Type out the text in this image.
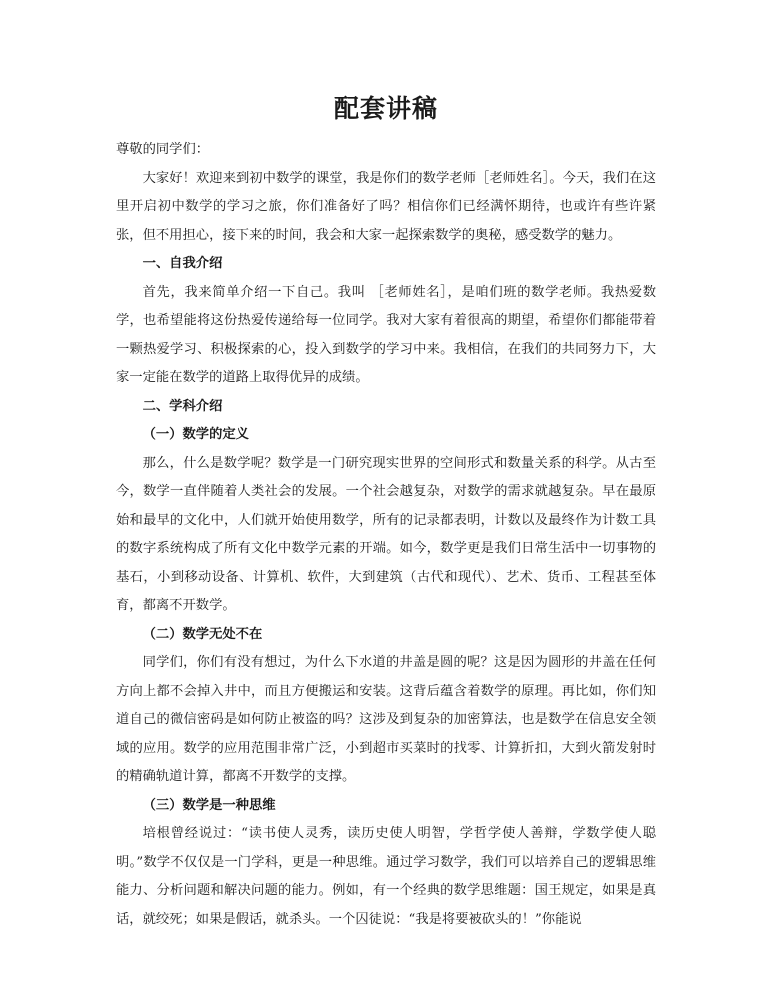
配套讲稿

尊敬的同学们：

大家好！欢迎来到初中数学的课堂，我是你们的数学老师［老师姓名］。今天，我们在这里开启初中数学的学习之旅，你们准备好了吗？相信你们已经满怀期待，也或许有些许紧张，但不用担心，接下来的时间，我会和大家一起探索数学的奥秘，感受数学的魅力。

一、自我介绍

首先，我来简单介绍一下自己。我叫 ［老师姓名］，是咱们班的数学老师。我热爱数学，也希望能将这份热爱传递给每一位同学。我对大家有着很高的期望，希望你们都能带着一颗热爱学习、积极探索的心，投入到数学的学习中来。我相信，在我们的共同努力下，大家一定能在数学的道路上取得优异的成绩。

二、学科介绍

（一）数学的定义

那么，什么是数学呢？数学是一门研究现实世界的空间形式和数量关系的科学。从古至今，数学一直伴随着人类社会的发展。一个社会越复杂，对数学的需求就越复杂。早在最原始和最早的文化中，人们就开始使用数学，所有的记录都表明，计数以及最终作为计数工具的数字系统构成了所有文化中数学元素的开端。如今，数学更是我们日常生活中一切事物的基石，小到移动设备、计算机、软件，大到建筑（古代和现代）、艺术、货币、工程甚至体育，都离不开数学。

（二）数学无处不在

同学们，你们有没有想过，为什么下水道的井盖是圆的呢？这是因为圆形的井盖在任何方向上都不会掉入井中，而且方便搬运和安装。这背后蕴含着数学的原理。再比如，你们知道自己的微信密码是如何防止被盗的吗？这涉及到复杂的加密算法，也是数学在信息安全领域的应用。数学的应用范围非常广泛，小到超市买菜时的找零、计算折扣，大到火箭发射时的精确轨道计算，都离不开数学的支撑。

（三）数学是一种思维

培根曾经说过：“读书使人灵秀，读历史使人明智，学哲学使人善辩，学数学使人聪明。”数学不仅仅是一门学科，更是一种思维。通过学习数学，我们可以培养自己的逻辑思维能力、分析问题和解决问题的能力。例如，有一个经典的数学思维题：国王规定，如果是真话，就绞死；如果是假话，就杀头。一个囚徒说：“我是将要被砍头的！”你能说
